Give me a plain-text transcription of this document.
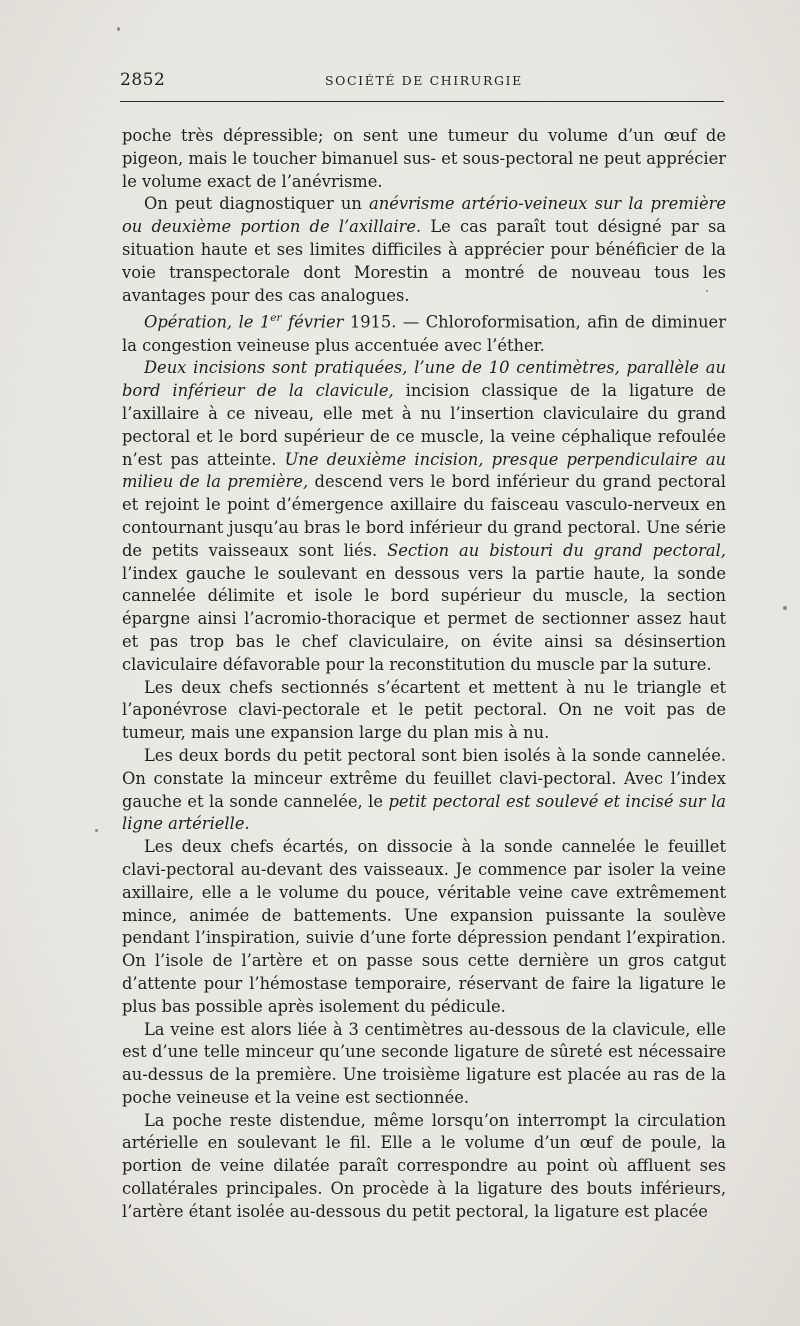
2852	SOCIÉTÉ DE CHIRURGIE

poche très dépressible; on sent une tumeur du volume d’un œuf de pigeon, mais le toucher bimanuel sus- et sous-pectoral ne peut apprécier le volume exact de l’anévrisme.

On peut diagnostiquer un anévrisme artério-veineux sur la première ou deuxième portion de l’axillaire. Le cas paraît tout désigné par sa situation haute et ses limites difficiles à apprécier pour bénéficier de la voie transpectorale dont Morestin a montré de nouveau tous les avantages pour des cas analogues.

Opération, le 1er février 1915. — Chloroformisation, afin de diminuer la congestion veineuse plus accentuée avec l’éther.

Deux incisions sont pratiquées, l’une de 10 centimètres, parallèle au bord inférieur de la clavicule, incision classique de la ligature de l’axillaire à ce niveau, elle met à nu l’insertion claviculaire du grand pectoral et le bord supérieur de ce muscle, la veine céphalique refoulée n’est pas atteinte. Une deuxième incision, presque perpendiculaire au milieu de la première, descend vers le bord inférieur du grand pectoral et rejoint le point d’émergence axillaire du faisceau vasculo-nerveux en contournant jusqu’au bras le bord inférieur du grand pectoral. Une série de petits vaisseaux sont liés. Section au bistouri du grand pectoral, l’index gauche le soulevant en dessous vers la partie haute, la sonde cannelée délimite et isole le bord supérieur du muscle, la section épargne ainsi l’acromio-thoracique et permet de sectionner assez haut et pas trop bas le chef claviculaire, on évite ainsi sa désinsertion claviculaire défavorable pour la reconstitution du muscle par la suture.

Les deux chefs sectionnés s’écartent et mettent à nu le triangle et l’aponévrose clavi-pectorale et le petit pectoral. On ne voit pas de tumeur, mais une expansion large du plan mis à nu.

Les deux bords du petit pectoral sont bien isolés à la sonde cannelée. On constate la minceur extrême du feuillet clavi-pectoral. Avec l’index gauche et la sonde cannelée, le petit pectoral est soulevé et incisé sur la ligne artérielle.

Les deux chefs écartés, on dissocie à la sonde cannelée le feuillet clavi-pectoral au-devant des vaisseaux. Je commence par isoler la veine axillaire, elle a le volume du pouce, véritable veine cave extrêmement mince, animée de battements. Une expansion puissante la soulève pendant l’inspiration, suivie d’une forte dépression pendant l’expiration. On l’isole de l’artère et on passe sous cette dernière un gros catgut d’attente pour l’hémostase temporaire, réservant de faire la ligature le plus bas possible après isolement du pédicule.

La veine est alors liée à 3 centimètres au-dessous de la clavicule, elle est d’une telle minceur qu’une seconde ligature de sûreté est nécessaire au-dessus de la première. Une troisième ligature est placée au ras de la poche veineuse et la veine est sectionnée.

La poche reste distendue, même lorsqu’on interrompt la circulation artérielle en soulevant le fil. Elle a le volume d’un œuf de poule, la portion de veine dilatée paraît correspondre au point où affluent ses collatérales principales. On procède à la ligature des bouts inférieurs, l’artère étant isolée au-dessous du petit pectoral, la ligature est placée
